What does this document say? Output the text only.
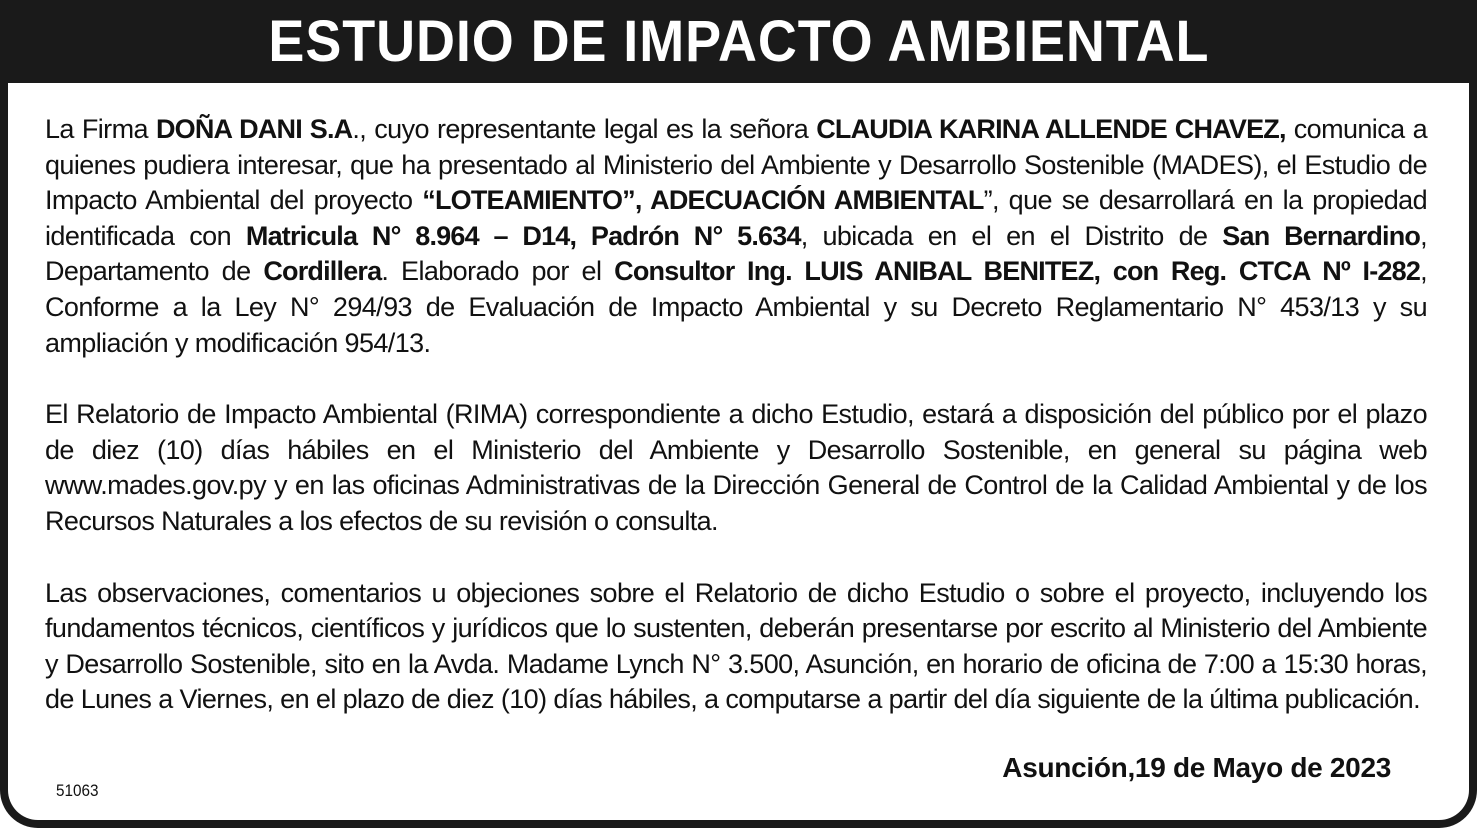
ESTUDIO DE IMPACTO AMBIENTAL

La Firma DOÑA DANI S.A., cuyo representante legal es la señora CLAUDIA KARINA ALLENDE CHAVEZ, comunica a quienes pudiera interesar, que ha presentado al Ministerio del Ambiente y Desarrollo Sostenible (MADES), el Estudio de Impacto Ambiental del proyecto “LOTEAMIENTO”, ADECUACIÓN AMBIENTAL”, que se desarrollará en la propiedad identificada con Matricula N° 8.964 – D14, Padrón N° 5.634, ubicada en el en el Distrito de San Bernardino, Departamento de Cordillera. Elaborado por el Consultor Ing. LUIS ANIBAL BENITEZ, con Reg. CTCA Nº I-282, Conforme a la Ley N° 294/93 de Evaluación de Impacto Ambiental y su Decreto Reglamentario N° 453/13 y su ampliación y modificación 954/13.

El Relatorio de Impacto Ambiental (RIMA) correspondiente a dicho Estudio, estará a disposición del público por el plazo de diez (10) días hábiles en el Ministerio del Ambiente y Desarrollo Sostenible, en general su página web www.mades.gov.py y en las oficinas Administrativas de la Dirección General de Control de la Calidad Ambiental y de los Recursos Naturales a los efectos de su revisión o consulta.

Las observaciones, comentarios u objeciones sobre el Relatorio de dicho Estudio o sobre el proyecto, incluyendo los fundamentos técnicos, científicos y jurídicos que lo sustenten, deberán presentarse por escrito al Ministerio del Ambiente y Desarrollo Sostenible, sito en la Avda. Madame Lynch N° 3.500, Asunción, en horario de oficina de 7:00 a 15:30 horas, de Lunes a Viernes, en el plazo de diez (10) días hábiles, a computarse a partir del día siguiente de la última publicación.

Asunción,19 de Mayo de 2023
51063
